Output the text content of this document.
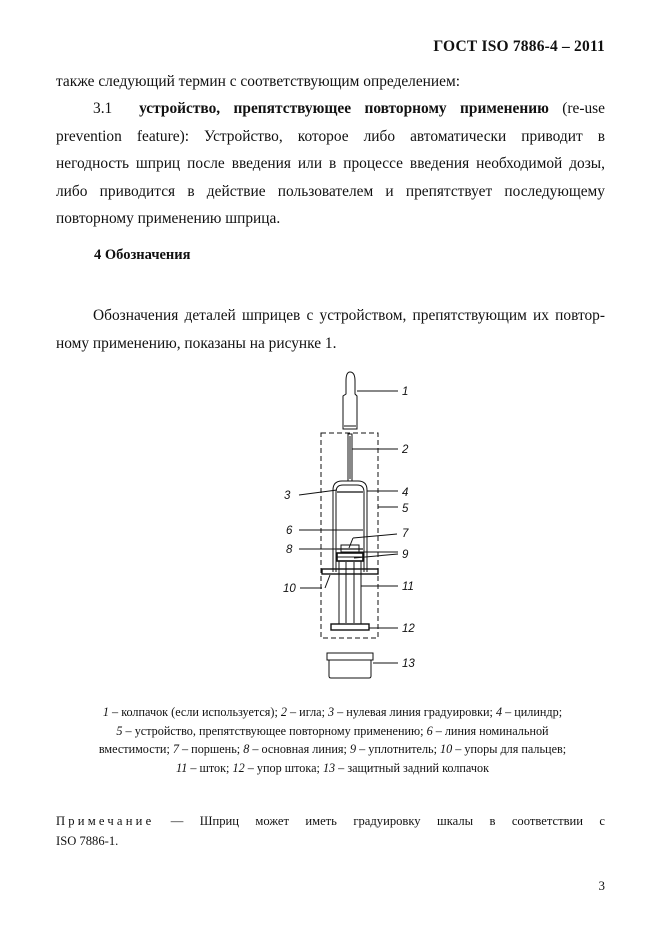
ГОСТ ISO 7886-4 – 2011
также следующий термин с соответствующим определением:
3.1 устройство, препятствующее повторному применению (re-use
prevention feature): Устройство, которое либо автоматически приводит в
негодность шприц после введения или в процессе введения необходимой дозы,
либо приводится в действие пользователем и препятствует последующему
повторному применению шприца.
4 Обозначения
Обозначения деталей шприцев с устройством, препятствующим их повтор-
ному применению, показаны на рисунке 1.
1
2
3	4
5
6	7
8	9
10	11
12
13
1 – колпачок (если используется); 2 – игла; 3 – нулевая линия градуировки; 4 – цилиндр;
5 – устройство, препятствующее повторному применению; 6 – линия номинальной
вместимости; 7 – поршень; 8 – основная линия; 9 – уплотнитель; 10 – упоры для пальцев;
11 – шток; 12 – упор штока; 13 – защитный задний колпачок
Примечание — Шприц может иметь градуировку шкалы в соответствии с
ISO 7886-1.
3
